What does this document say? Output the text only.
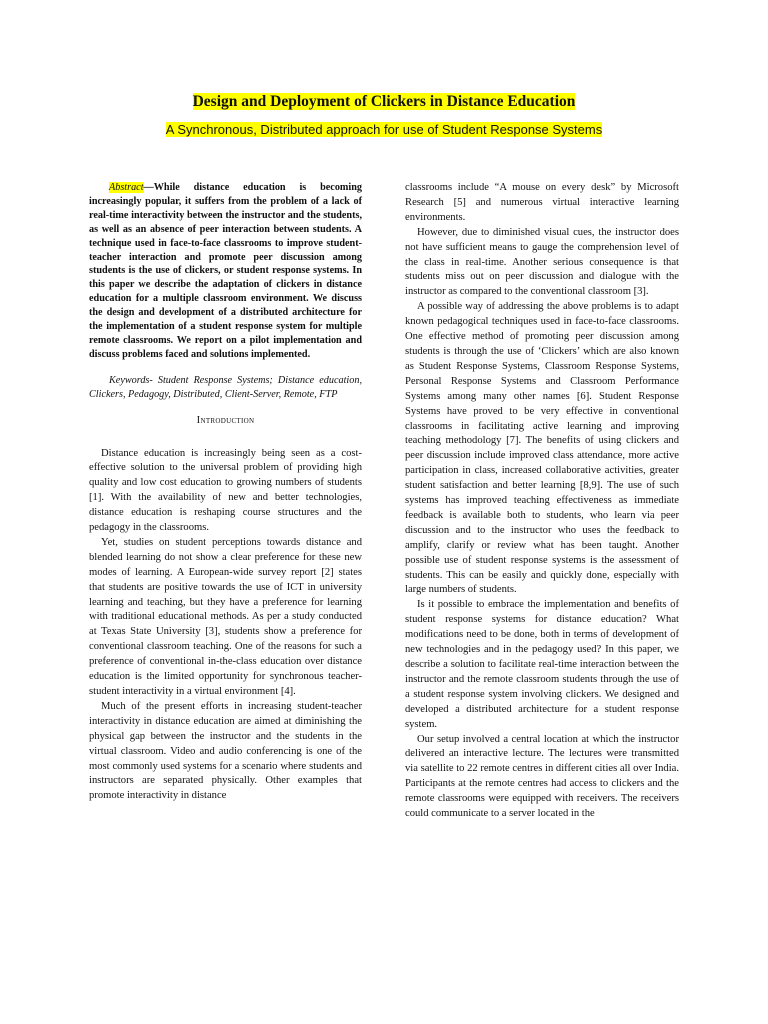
Design and Deployment of Clickers in Distance Education
A Synchronous, Distributed approach for use of Student Response Systems

Abstract—While distance education is becoming increasingly popular, it suffers from the problem of a lack of real-time interactivity between the instructor and the students, as well as an absence of peer interaction between students. A technique used in face-to-face classrooms to improve student-teacher interaction and promote peer discussion among students is the use of clickers, or student response systems. In this paper we describe the adaptation of clickers in distance education for a multiple classroom environment. We discuss the design and development of a distributed architecture for the implementation of a student response system for multiple remote classrooms. We report on a pilot implementation and discuss problems faced and solutions implemented.

Keywords- Student Response Systems; Distance education, Clickers, Pedagogy, Distributed, Client-Server, Remote, FTP

Introduction

Distance education is increasingly being seen as a cost-effective solution to the universal problem of providing high quality and low cost education to growing numbers of students [1]. With the availability of new and better technologies, distance education is reshaping course structures and the pedagogy in the classrooms.

Yet, studies on student perceptions towards distance and blended learning do not show a clear preference for these new modes of learning. A European-wide survey report [2] states that students are positive towards the use of ICT in university learning and teaching, but they have a preference for learning with traditional educational methods. As per a study conducted at Texas State University [3], students show a preference for conventional classroom teaching. One of the reasons for such a preference of conventional in-the-class education over distance education is the limited opportunity for synchronous teacher-student interactivity in a virtual environment [4].

Much of the present efforts in increasing student-teacher interactivity in distance education are aimed at diminishing the physical gap between the instructor and the students in the virtual classroom. Video and audio conferencing is one of the most commonly used systems for a scenario where students and instructors are separated physically. Other examples that promote interactivity in distance

classrooms include “A mouse on every desk” by Microsoft Research [5] and numerous virtual interactive learning environments.

However, due to diminished visual cues, the instructor does not have sufficient means to gauge the comprehension level of the class in real-time. Another serious consequence is that students miss out on peer discussion and dialogue with the instructor as compared to the conventional classroom [3].

A possible way of addressing the above problems is to adapt known pedagogical techniques used in face-to-face classrooms. One effective method of promoting peer discussion among students is through the use of ‘Clickers’ which are also known as Student Response Systems, Classroom Response Systems, Personal Response Systems and Classroom Performance Systems among many other names [6]. Student Response Systems have proved to be very effective in conventional classrooms in facilitating active learning and improving teaching methodology [7]. The benefits of using clickers and peer discussion include improved class attendance, more active participation in class, increased collaborative activities, greater student satisfaction and better learning [8,9]. The use of such systems has improved teaching effectiveness as immediate feedback is available both to students, who learn via peer discussion and to the instructor who uses the feedback to amplify, clarify or review what has been taught. Another possible use of student response systems is the assessment of students. This can be easily and quickly done, especially with large numbers of students.

Is it possible to embrace the implementation and benefits of student response systems for distance education? What modifications need to be done, both in terms of development of new technologies and in the pedagogy used? In this paper, we describe a solution to facilitate real-time interaction between the instructor and the remote classroom students through the use of a student response system involving clickers. We designed and developed a distributed architecture for a student response system.

Our setup involved a central location at which the instructor delivered an interactive lecture. The lectures were transmitted via satellite to 22 remote centres in different cities all over India. Participants at the remote centres had access to clickers and the remote classrooms were equipped with receivers. The receivers could communicate to a server located in the
